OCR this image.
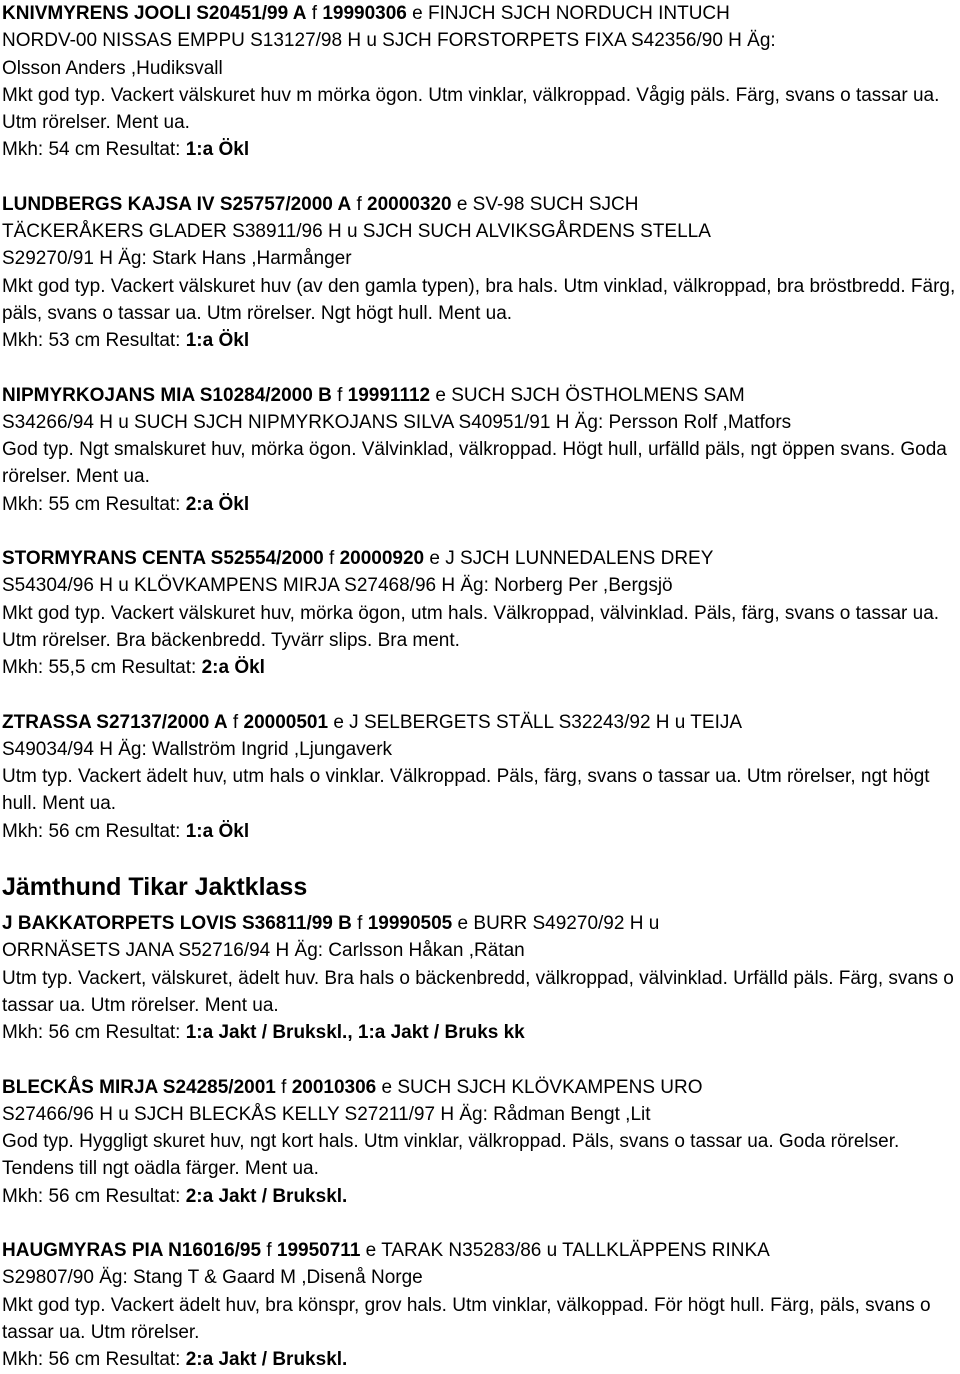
KNIVMYRENS JOOLI S20451/99 A f 19990306 e FINJCH SJCH NORDUCH INTUCH
NORDV-00 NISSAS EMPPU S13127/98 H u SJCH FORSTORPETS FIXA S42356/90 H Äg:
Olsson Anders ,Hudiksvall
Mkt god typ. Vackert välskuret huv m mörka ögon. Utm vinklar, välkroppad. Vågig päls. Färg, svans o tassar ua. Utm rörelser. Ment ua.
Mkh: 54 cm Resultat: 1:a Ökl
LUNDBERGS KAJSA IV S25757/2000 A f 20000320 e SV-98 SUCH SJCH
TÄCKERÅKERS GLADER S38911/96 H u SJCH SUCH ALVIKSGÅRDENS STELLA
S29270/91 H Äg: Stark Hans ,Harmånger
Mkt god typ. Vackert välskuret huv (av den gamla typen), bra hals. Utm vinklad, välkroppad, bra bröstbredd. Färg, päls, svans o tassar ua. Utm rörelser. Ngt högt hull. Ment ua.
Mkh: 53 cm Resultat: 1:a Ökl
NIPMYRKOJANS MIA S10284/2000 B f 19991112 e SUCH SJCH ÖSTHOLMENS SAM
S34266/94 H u SUCH SJCH NIPMYRKOJANS SILVA S40951/91 H Äg: Persson Rolf ,Matfors
God typ. Ngt smalskuret huv, mörka ögon. Välvinklad, välkroppad. Högt hull, urfälld päls, ngt öppen svans. Goda rörelser. Ment ua.
Mkh: 55 cm Resultat: 2:a Ökl
STORMYRANS CENTA S52554/2000 f 20000920 e J SJCH LUNNEDALENS DREY
S54304/96 H u KLÖVKAMPENS MIRJA S27468/96 H Äg: Norberg Per ,Bergsjö
Mkt god typ. Vackert välskuret huv, mörka ögon, utm hals. Välkroppad, välvinklad. Päls, färg, svans o tassar ua. Utm rörelser. Bra bäckenbredd. Tyvärr slips. Bra ment.
Mkh: 55,5 cm Resultat: 2:a Ökl
ZTRASSA S27137/2000 A f 20000501 e J SELBERGETS STÄLL S32243/92 H u TEIJA
S49034/94 H Äg: Wallström Ingrid ,Ljungaverk
Utm typ. Vackert ädelt huv, utm hals o vinklar. Välkroppad. Päls, färg, svans o tassar ua. Utm rörelser, ngt högt hull. Ment ua.
Mkh: 56 cm Resultat: 1:a Ökl
Jämthund Tikar Jaktklass
J BAKKATORPETS LOVIS S36811/99 B f 19990505 e BURR S49270/92 H u
ORRNÄSETS JANA S52716/94 H Äg: Carlsson Håkan ,Rätan
Utm typ. Vackert, välskuret, ädelt huv. Bra hals o bäckenbredd, välkroppad, välvinklad. Urfälld päls. Färg, svans o tassar ua. Utm rörelser. Ment ua.
Mkh: 56 cm Resultat: 1:a Jakt / Brukskl., 1:a Jakt / Bruks kk
BLECKÅS MIRJA S24285/2001 f 20010306 e SUCH SJCH KLÖVKAMPENS URO
S27466/96 H u SJCH BLECKÅS KELLY S27211/97 H Äg: Rådman Bengt ,Lit
God typ. Hyggligt skuret huv, ngt kort hals. Utm vinklar, välkroppad. Päls, svans o tassar ua. Goda rörelser. Tendens till ngt oädla färger. Ment ua.
Mkh: 56 cm Resultat: 2:a Jakt / Brukskl.
HAUGMYRAS PIA N16016/95 f 19950711 e TARAK N35283/86 u TALLKLÄPPENS RINKA
S29807/90 Äg: Stang T & Gaard M ,Disenå Norge
Mkt god typ. Vackert ädelt huv, bra könspr, grov hals. Utm vinklar, välkoppad. För högt hull. Färg, päls, svans o tassar ua. Utm rörelser.
Mkh: 56 cm Resultat: 2:a Jakt / Brukskl.
